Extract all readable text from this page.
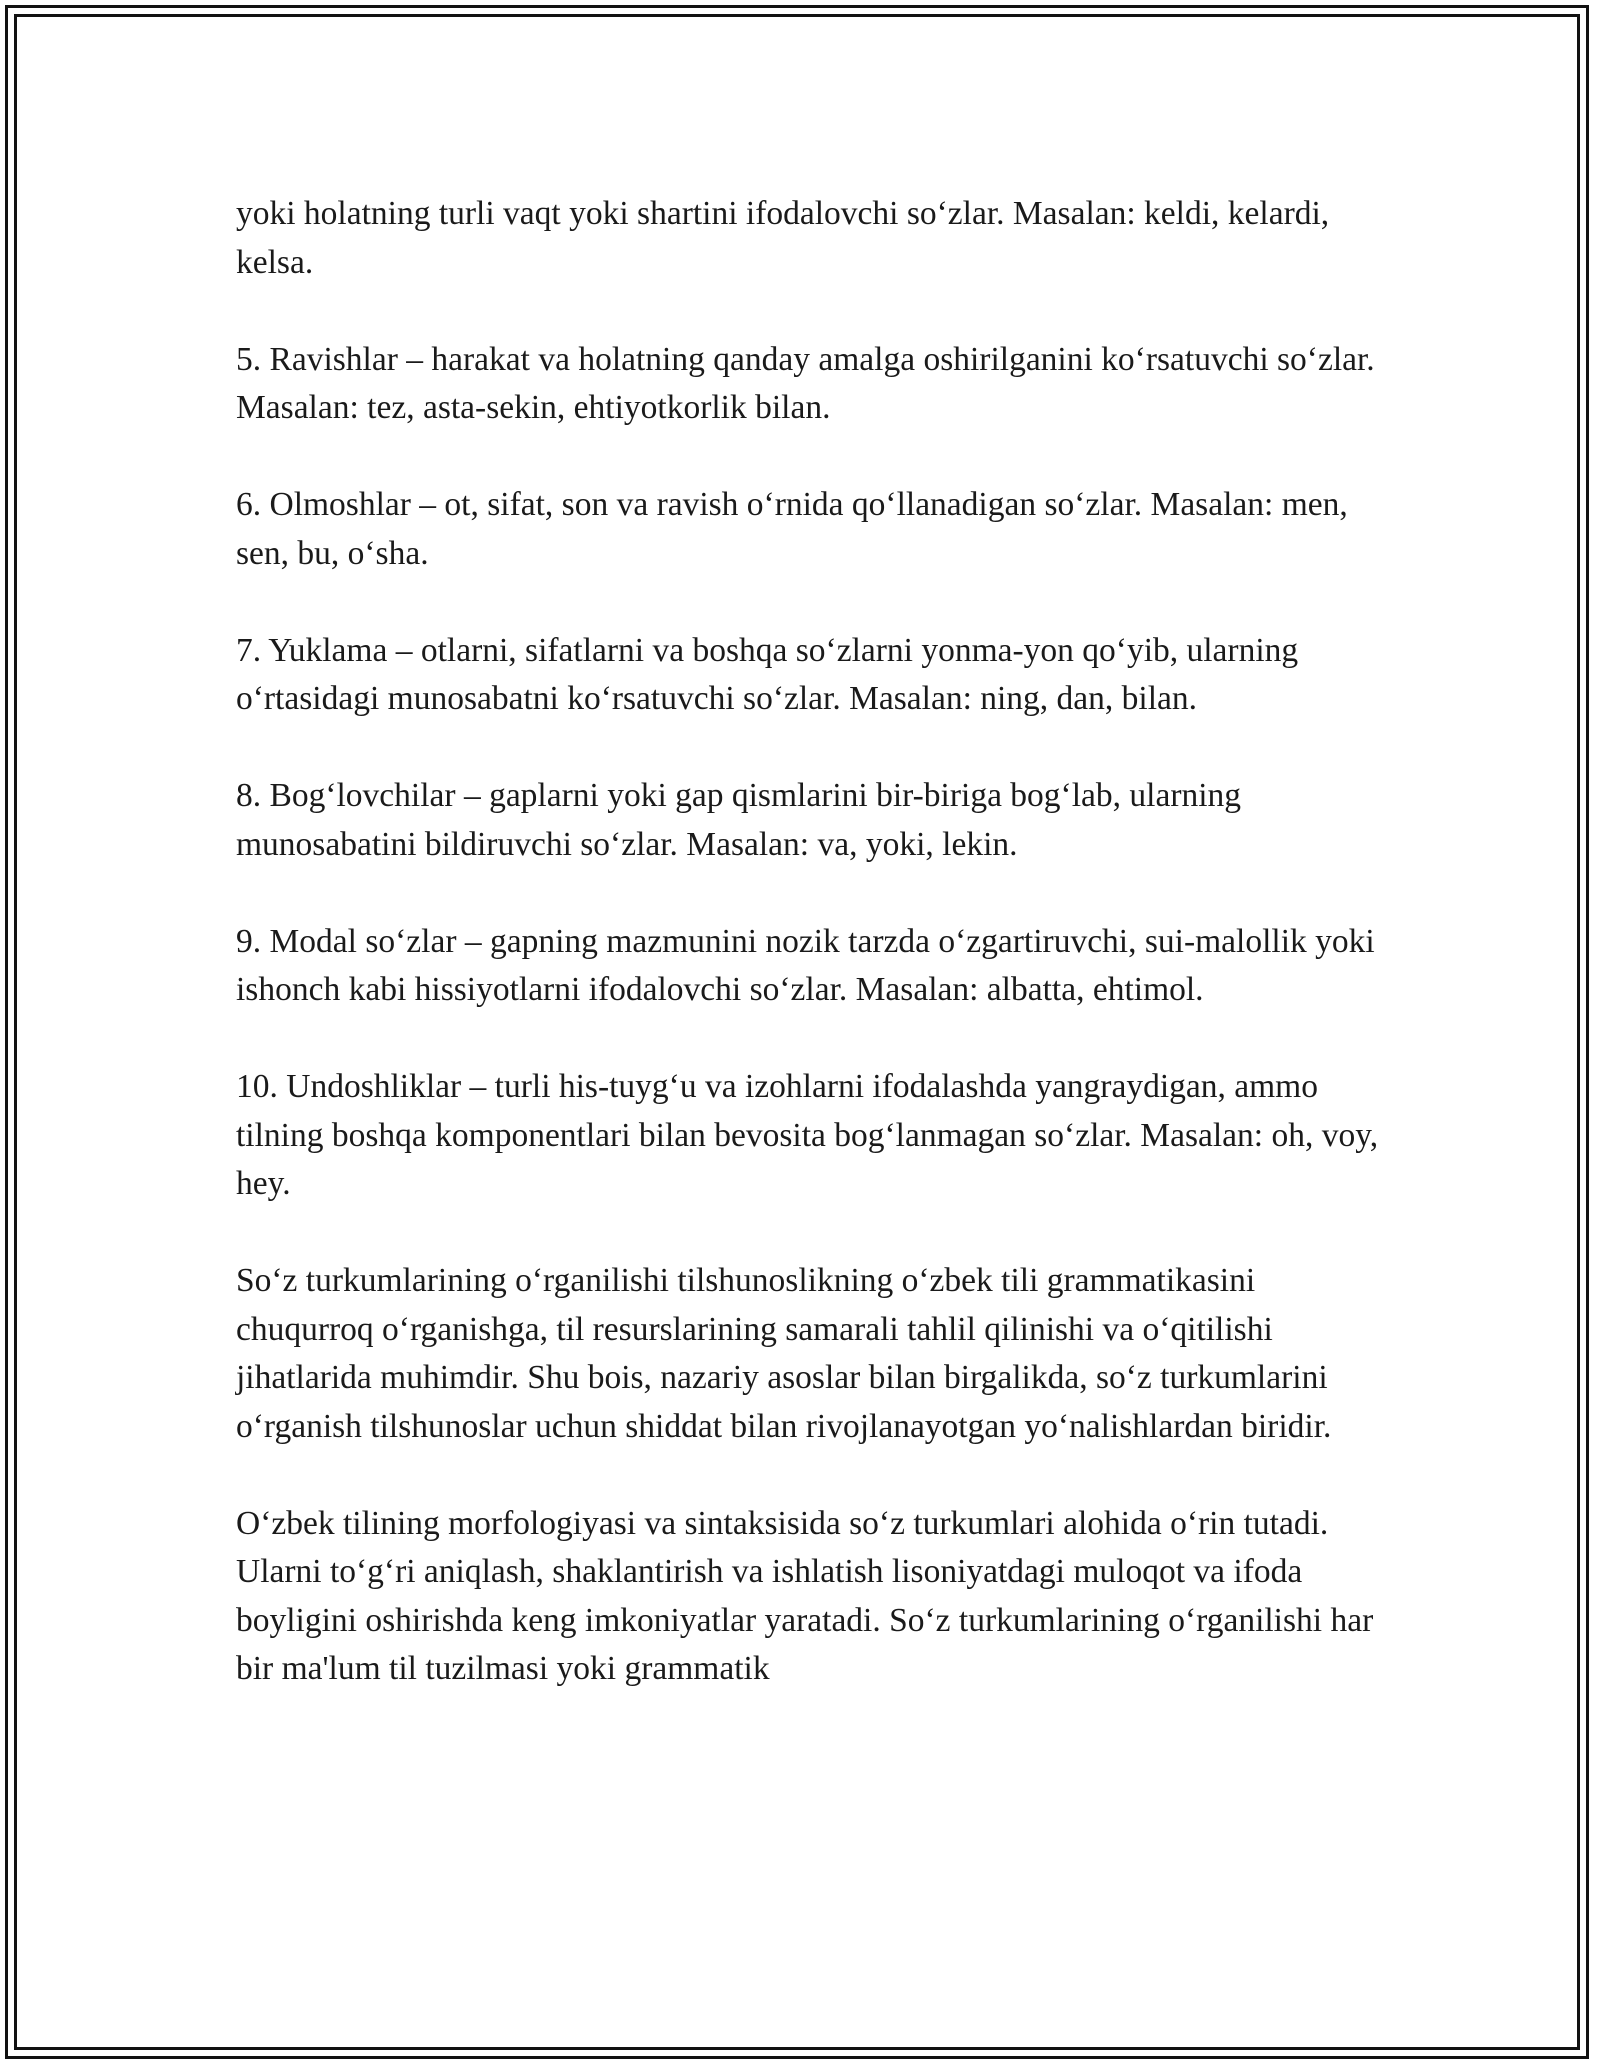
yoki holatning turli vaqt yoki shartini ifodalovchi so‘zlar. Masalan: keldi, kelardi, kelsa.

5. Ravishlar – harakat va holatning qanday amalga oshirilganini ko‘rsatuvchi so‘zlar. Masalan: tez, asta-sekin, ehtiyotkorlik bilan.

6. Olmoshlar – ot, sifat, son va ravish o‘rnida qo‘llanadigan so‘zlar. Masalan: men, sen, bu, o‘sha.

7. Yuklama – otlarni, sifatlarni va boshqa so‘zlarni yonma-yon qo‘yib, ularning o‘rtasidagi munosabatni ko‘rsatuvchi so‘zlar. Masalan: ning, dan, bilan.

8. Bog‘lovchilar – gaplarni yoki gap qismlarini bir-biriga bog‘lab, ularning munosabatini bildiruvchi so‘zlar. Masalan: va, yoki, lekin.

9. Modal so‘zlar – gapning mazmunini nozik tarzda o‘zgartiruvchi, sui-malollik yoki ishonch kabi hissiyotlarni ifodalovchi so‘zlar. Masalan: albatta, ehtimol.

10. Undoshliklar – turli his-tuyg‘u va izohlarni ifodalashda yangraydigan, ammo tilning boshqa komponentlari bilan bevosita bog‘lanmagan so‘zlar. Masalan: oh, voy, hey.

So‘z turkumlarining o‘rganilishi tilshunoslikning o‘zbek tili grammatikasini chuqurroq o‘rganishga, til resurslarining samarali tahlil qilinishi va o‘qitilishi jihatlarida muhimdir. Shu bois, nazariy asoslar bilan birgalikda, so‘z turkumlarini o‘rganish tilshunoslar uchun shiddat bilan rivojlanayotgan yo‘nalishlardan biridir.

O‘zbek tilining morfologiyasi va sintaksisida so‘z turkumlari alohida o‘rin tutadi. Ularni to‘g‘ri aniqlash, shaklantirish va ishlatish lisoniyatdagi muloqot va ifoda boyligini oshirishda keng imkoniyatlar yaratadi. So‘z turkumlarining o‘rganilishi har bir ma'lum til tuzilmasi yoki grammatik
